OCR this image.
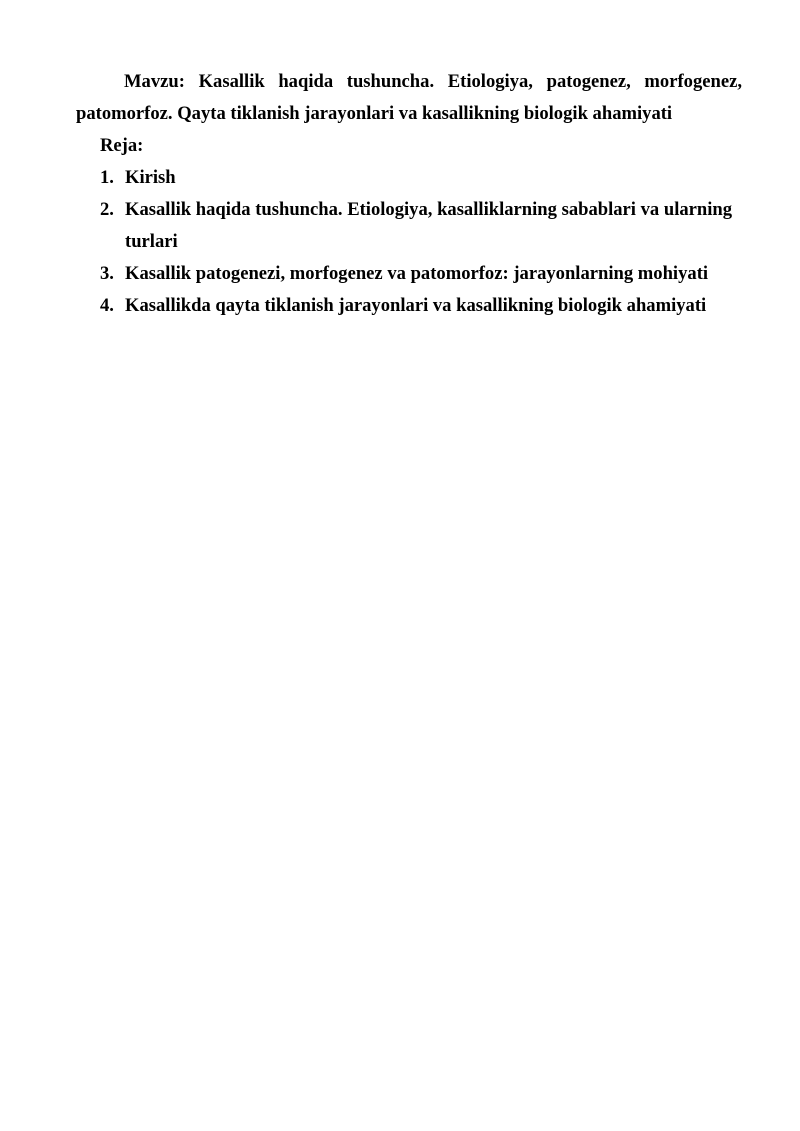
Mavzu: Kasallik haqida tushuncha. Etiologiya, patogenez, morfogenez, patomorfoz. Qayta tiklanish jarayonlari va kasallikning biologik ahamiyati

Reja:

1. Kirish
2. Kasallik haqida tushuncha. Etiologiya, kasalliklarning sabablari va ularning turlari
3. Kasallik patogenezi, morfogenez va patomorfoz: jarayonlarning mohiyati
4. Kasallikda qayta tiklanish jarayonlari va kasallikning biologik ahamiyati
